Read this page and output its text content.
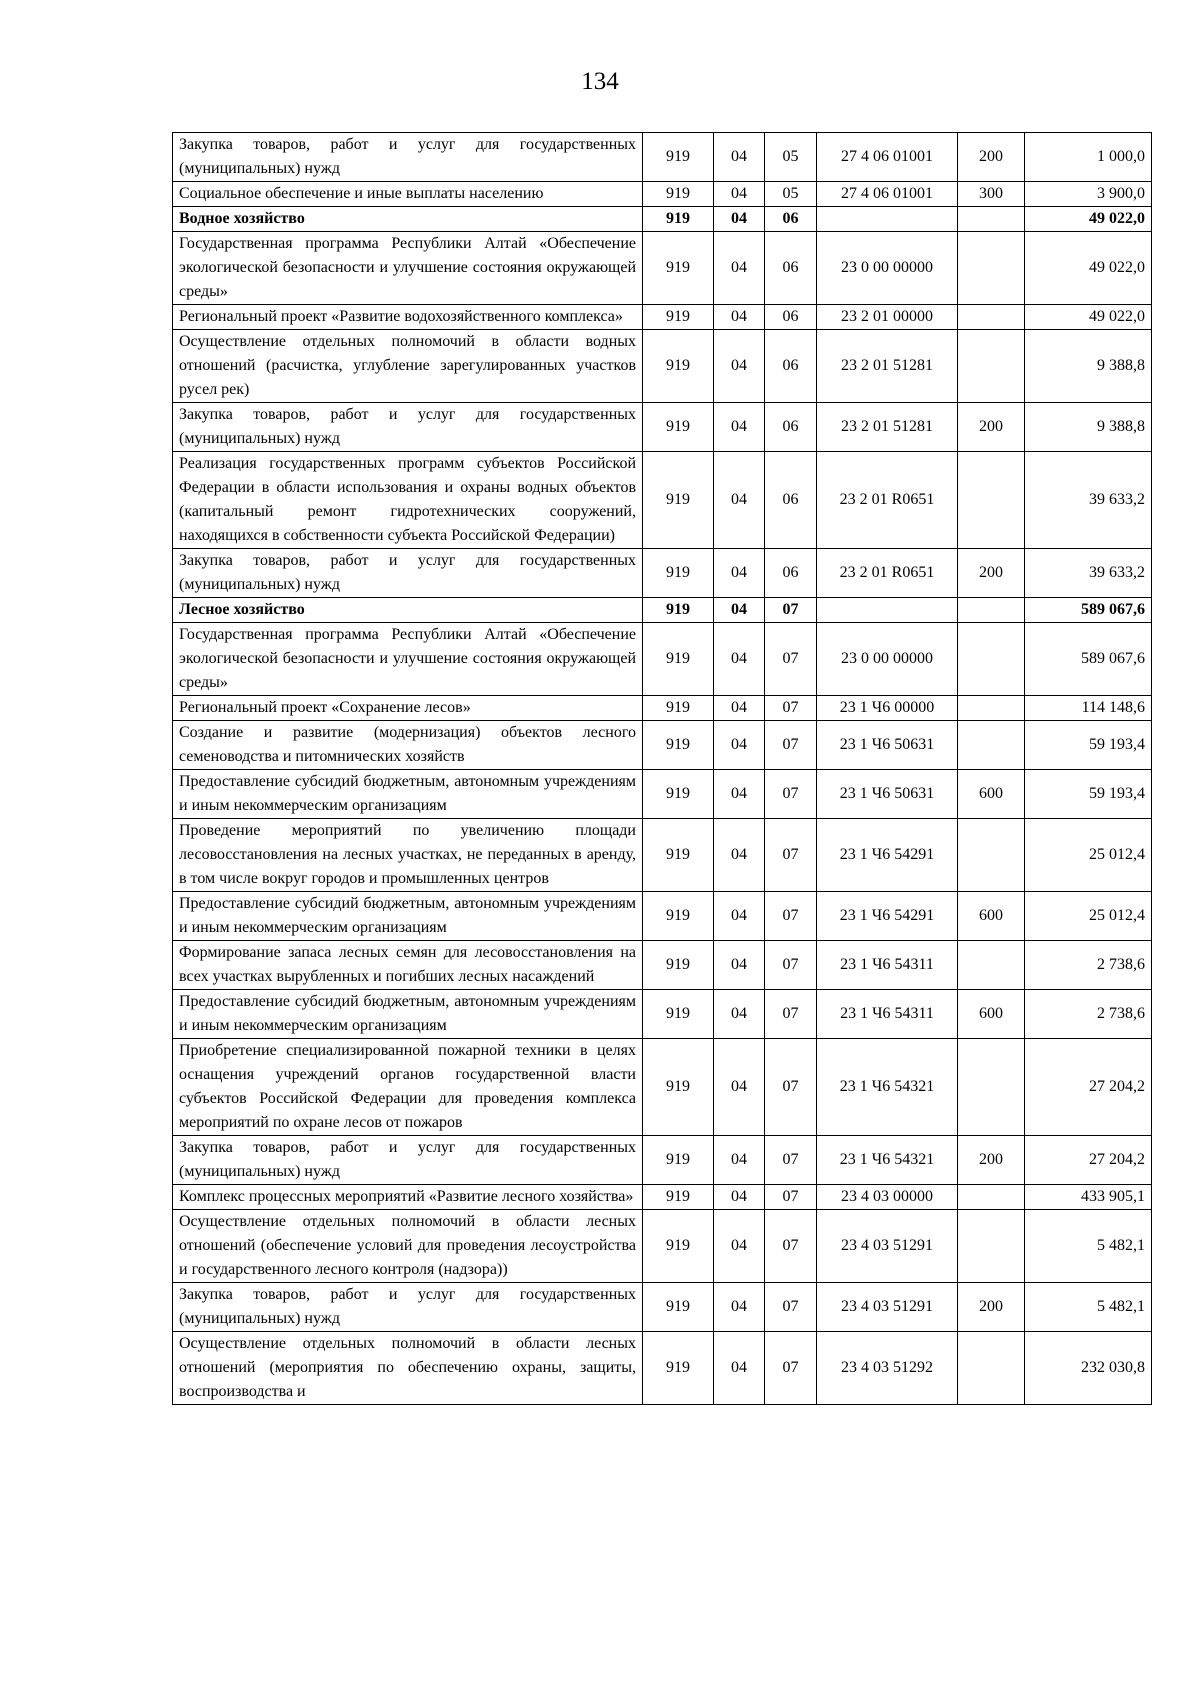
134
Закупка товаров, работ и услуг для государственных (муниципальных) нужд	919	04	05	27 4 06 01001	200	1 000,0
Социальное обеспечение и иные выплаты населению	919	04	05	27 4 06 01001	300	3 900,0
Водное хозяйство	919	04	06			49 022,0
Государственная программа Республики Алтай «Обеспечение экологической безопасности и улучшение состояния окружающей среды»	919	04	06	23 0 00 00000		49 022,0
Региональный проект «Развитие водохозяйственного комплекса»	919	04	06	23 2 01 00000		49 022,0
Осуществление отдельных полномочий в области водных отношений (расчистка, углубление зарегулированных участков русел рек)	919	04	06	23 2 01 51281		9 388,8
Закупка товаров, работ и услуг для государственных (муниципальных) нужд	919	04	06	23 2 01 51281	200	9 388,8
Реализация государственных программ субъектов Российской Федерации в области использования и охраны водных объектов (капитальный ремонт гидротехнических сооружений, находящихся в собственности субъекта Российской Федерации)	919	04	06	23 2 01 R0651		39 633,2
Закупка товаров, работ и услуг для государственных (муниципальных) нужд	919	04	06	23 2 01 R0651	200	39 633,2
Лесное хозяйство	919	04	07			589 067,6
Государственная программа Республики Алтай «Обеспечение экологической безопасности и улучшение состояния окружающей среды»	919	04	07	23 0 00 00000		589 067,6
Региональный проект «Сохранение лесов»	919	04	07	23 1 Ч6 00000		114 148,6
Создание и развитие (модернизация) объектов лесного семеноводства и питомнических хозяйств	919	04	07	23 1 Ч6 50631		59 193,4
Предоставление субсидий бюджетным, автономным учреждениям и иным некоммерческим организациям	919	04	07	23 1 Ч6 50631	600	59 193,4
Проведение мероприятий по увеличению площади лесовосстановления на лесных участках, не переданных в аренду, в том числе вокруг городов и промышленных центров	919	04	07	23 1 Ч6 54291		25 012,4
Предоставление субсидий бюджетным, автономным учреждениям и иным некоммерческим организациям	919	04	07	23 1 Ч6 54291	600	25 012,4
Формирование запаса лесных семян для лесовосстановления на всех участках вырубленных и погибших лесных насаждений	919	04	07	23 1 Ч6 54311		2 738,6
Предоставление субсидий бюджетным, автономным учреждениям и иным некоммерческим организациям	919	04	07	23 1 Ч6 54311	600	2 738,6
Приобретение специализированной пожарной техники в целях оснащения учреждений органов государственной власти субъектов Российской Федерации для проведения комплекса мероприятий по охране лесов от пожаров	919	04	07	23 1 Ч6 54321		27 204,2
Закупка товаров, работ и услуг для государственных (муниципальных) нужд	919	04	07	23 1 Ч6 54321	200	27 204,2
Комплекс процессных мероприятий «Развитие лесного хозяйства»	919	04	07	23 4 03 00000		433 905,1
Осуществление отдельных полномочий в области лесных отношений (обеспечение условий для проведения лесоустройства и государственного лесного контроля (надзора))	919	04	07	23 4 03 51291		5 482,1
Закупка товаров, работ и услуг для государственных (муниципальных) нужд	919	04	07	23 4 03 51291	200	5 482,1
Осуществление отдельных полномочий в области лесных отношений (мероприятия по обеспечению охраны, защиты, воспроизводства и	919	04	07	23 4 03 51292		232 030,8
